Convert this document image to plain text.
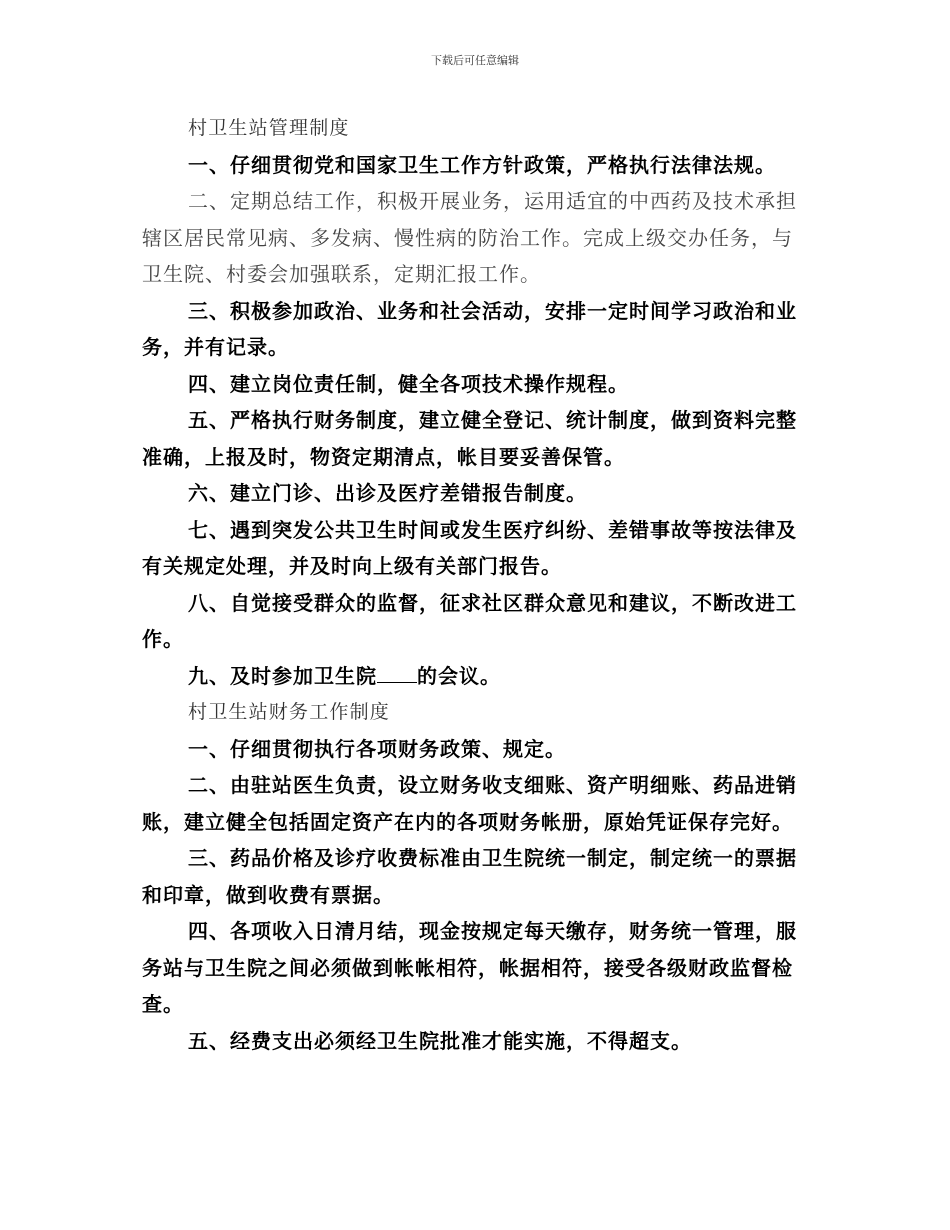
下载后可任意编辑

村卫生站管理制度

一、仔细贯彻党和国家卫生工作方针政策，严格执行法律法规。

二、定期总结工作，积极开展业务，运用适宜的中西药及技术承担辖区居民常见病、多发病、慢性病的防治工作。完成上级交办任务，与卫生院、村委会加强联系，定期汇报工作。

三、积极参加政治、业务和社会活动，安排一定时间学习政治和业务，并有记录。

四、建立岗位责任制，健全各项技术操作规程。

五、严格执行财务制度，建立健全登记、统计制度，做到资料完整准确，上报及时，物资定期清点，帐目要妥善保管。

六、建立门诊、出诊及医疗差错报告制度。

七、遇到突发公共卫生时间或发生医疗纠纷、差错事故等按法律及有关规定处理，并及时向上级有关部门报告。

八、自觉接受群众的监督，征求社区群众意见和建议，不断改进工作。

九、及时参加卫生院 的会议。

村卫生站财务工作制度

一、仔细贯彻执行各项财务政策、规定。

二、由驻站医生负责，设立财务收支细账、资产明细账、药品进销账，建立健全包括固定资产在内的各项财务帐册，原始凭证保存完好。

三、药品价格及诊疗收费标准由卫生院统一制定，制定统一的票据和印章，做到收费有票据。

四、各项收入日清月结，现金按规定每天缴存，财务统一管理，服务站与卫生院之间必须做到帐帐相符，帐据相符，接受各级财政监督检查。

五、经费支出必须经卫生院批准才能实施，不得超支。
